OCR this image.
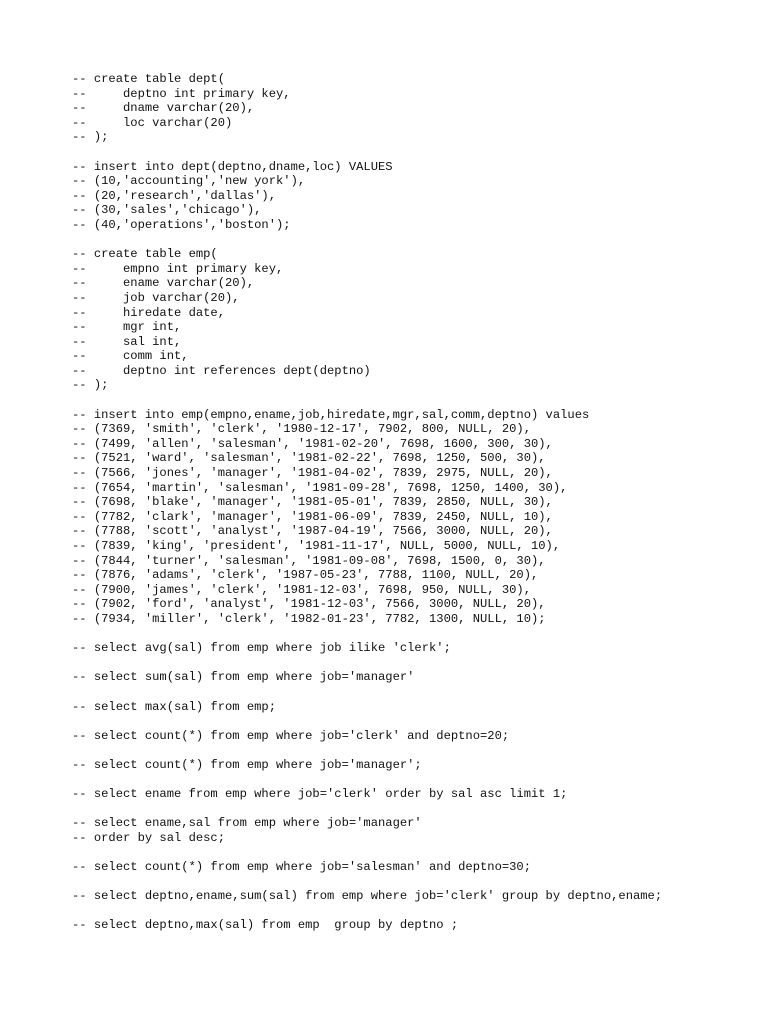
-- create table dept(
--     deptno int primary key,
--     dname varchar(20),
--     loc varchar(20)
-- );
-- insert into dept(deptno,dname,loc) VALUES
-- (10,'accounting','new york'),
-- (20,'research','dallas'),
-- (30,'sales','chicago'),
-- (40,'operations','boston');
-- create table emp(
--     empno int primary key,
--     ename varchar(20),
--     job varchar(20),
--     hiredate date,
--     mgr int,
--     sal int,
--     comm int,
--     deptno int references dept(deptno)
-- );
-- insert into emp(empno,ename,job,hiredate,mgr,sal,comm,deptno) values
-- (7369, 'smith', 'clerk', '1980-12-17', 7902, 800, NULL, 20),
-- (7499, 'allen', 'salesman', '1981-02-20', 7698, 1600, 300, 30),
-- (7521, 'ward', 'salesman', '1981-02-22', 7698, 1250, 500, 30),
-- (7566, 'jones', 'manager', '1981-04-02', 7839, 2975, NULL, 20),
-- (7654, 'martin', 'salesman', '1981-09-28', 7698, 1250, 1400, 30),
-- (7698, 'blake', 'manager', '1981-05-01', 7839, 2850, NULL, 30),
-- (7782, 'clark', 'manager', '1981-06-09', 7839, 2450, NULL, 10),
-- (7788, 'scott', 'analyst', '1987-04-19', 7566, 3000, NULL, 20),
-- (7839, 'king', 'president', '1981-11-17', NULL, 5000, NULL, 10),
-- (7844, 'turner', 'salesman', '1981-09-08', 7698, 1500, 0, 30),
-- (7876, 'adams', 'clerk', '1987-05-23', 7788, 1100, NULL, 20),
-- (7900, 'james', 'clerk', '1981-12-03', 7698, 950, NULL, 30),
-- (7902, 'ford', 'analyst', '1981-12-03', 7566, 3000, NULL, 20),
-- (7934, 'miller', 'clerk', '1982-01-23', 7782, 1300, NULL, 10);
-- select avg(sal) from emp where job ilike 'clerk';
-- select sum(sal) from emp where job='manager'
-- select max(sal) from emp;
-- select count(*) from emp where job='clerk' and deptno=20;
-- select count(*) from emp where job='manager';
-- select ename from emp where job='clerk' order by sal asc limit 1;
-- select ename,sal from emp where job='manager'
-- order by sal desc;
-- select count(*) from emp where job='salesman' and deptno=30;
-- select deptno,ename,sum(sal) from emp where job='clerk' group by deptno,ename;
-- select deptno,max(sal) from emp  group by deptno ;
